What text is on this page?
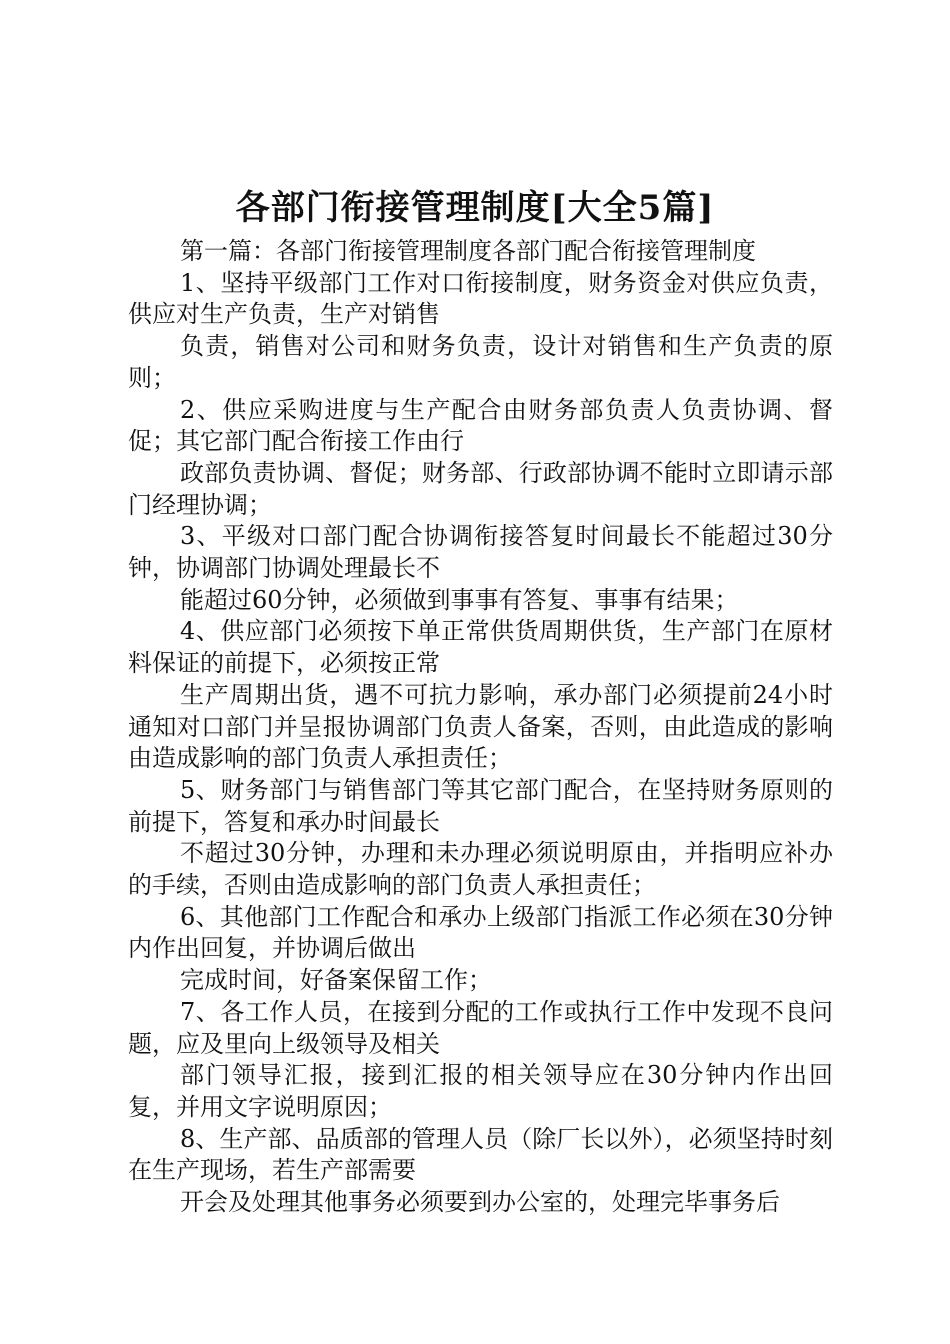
各部门衔接管理制度[大全5篇]

第一篇：各部门衔接管理制度各部门配合衔接管理制度

1、坚持平级部门工作对口衔接制度，财务资金对供应负责，供应对生产负责，生产对销售

负责，销售对公司和财务负责，设计对销售和生产负责的原则；

2、供应采购进度与生产配合由财务部负责人负责协调、督促；其它部门配合衔接工作由行

政部负责协调、督促；财务部、行政部协调不能时立即请示部门经理协调；

3、平级对口部门配合协调衔接答复时间最长不能超过30分钟，协调部门协调处理最长不

能超过60分钟，必须做到事事有答复、事事有结果；

4、供应部门必须按下单正常供货周期供货，生产部门在原材料保证的前提下，必须按正常

生产周期出货，遇不可抗力影响，承办部门必须提前24小时通知对口部门并呈报协调部门负责人备案，否则，由此造成的影响由造成影响的部门负责人承担责任；

5、财务部门与销售部门等其它部门配合，在坚持财务原则的前提下，答复和承办时间最长

不超过30分钟，办理和未办理必须说明原由，并指明应补办的手续，否则由造成影响的部门负责人承担责任；

6、其他部门工作配合和承办上级部门指派工作必须在30分钟内作出回复，并协调后做出

完成时间，好备案保留工作；

7、各工作人员，在接到分配的工作或执行工作中发现不良问题，应及里向上级领导及相关

部门领导汇报，接到汇报的相关领导应在30分钟内作出回复，并用文字说明原因；

8、生产部、品质部的管理人员（除厂长以外），必须坚持时刻在生产现场，若生产部需要

开会及处理其他事务必须要到办公室的，处理完毕事务后
